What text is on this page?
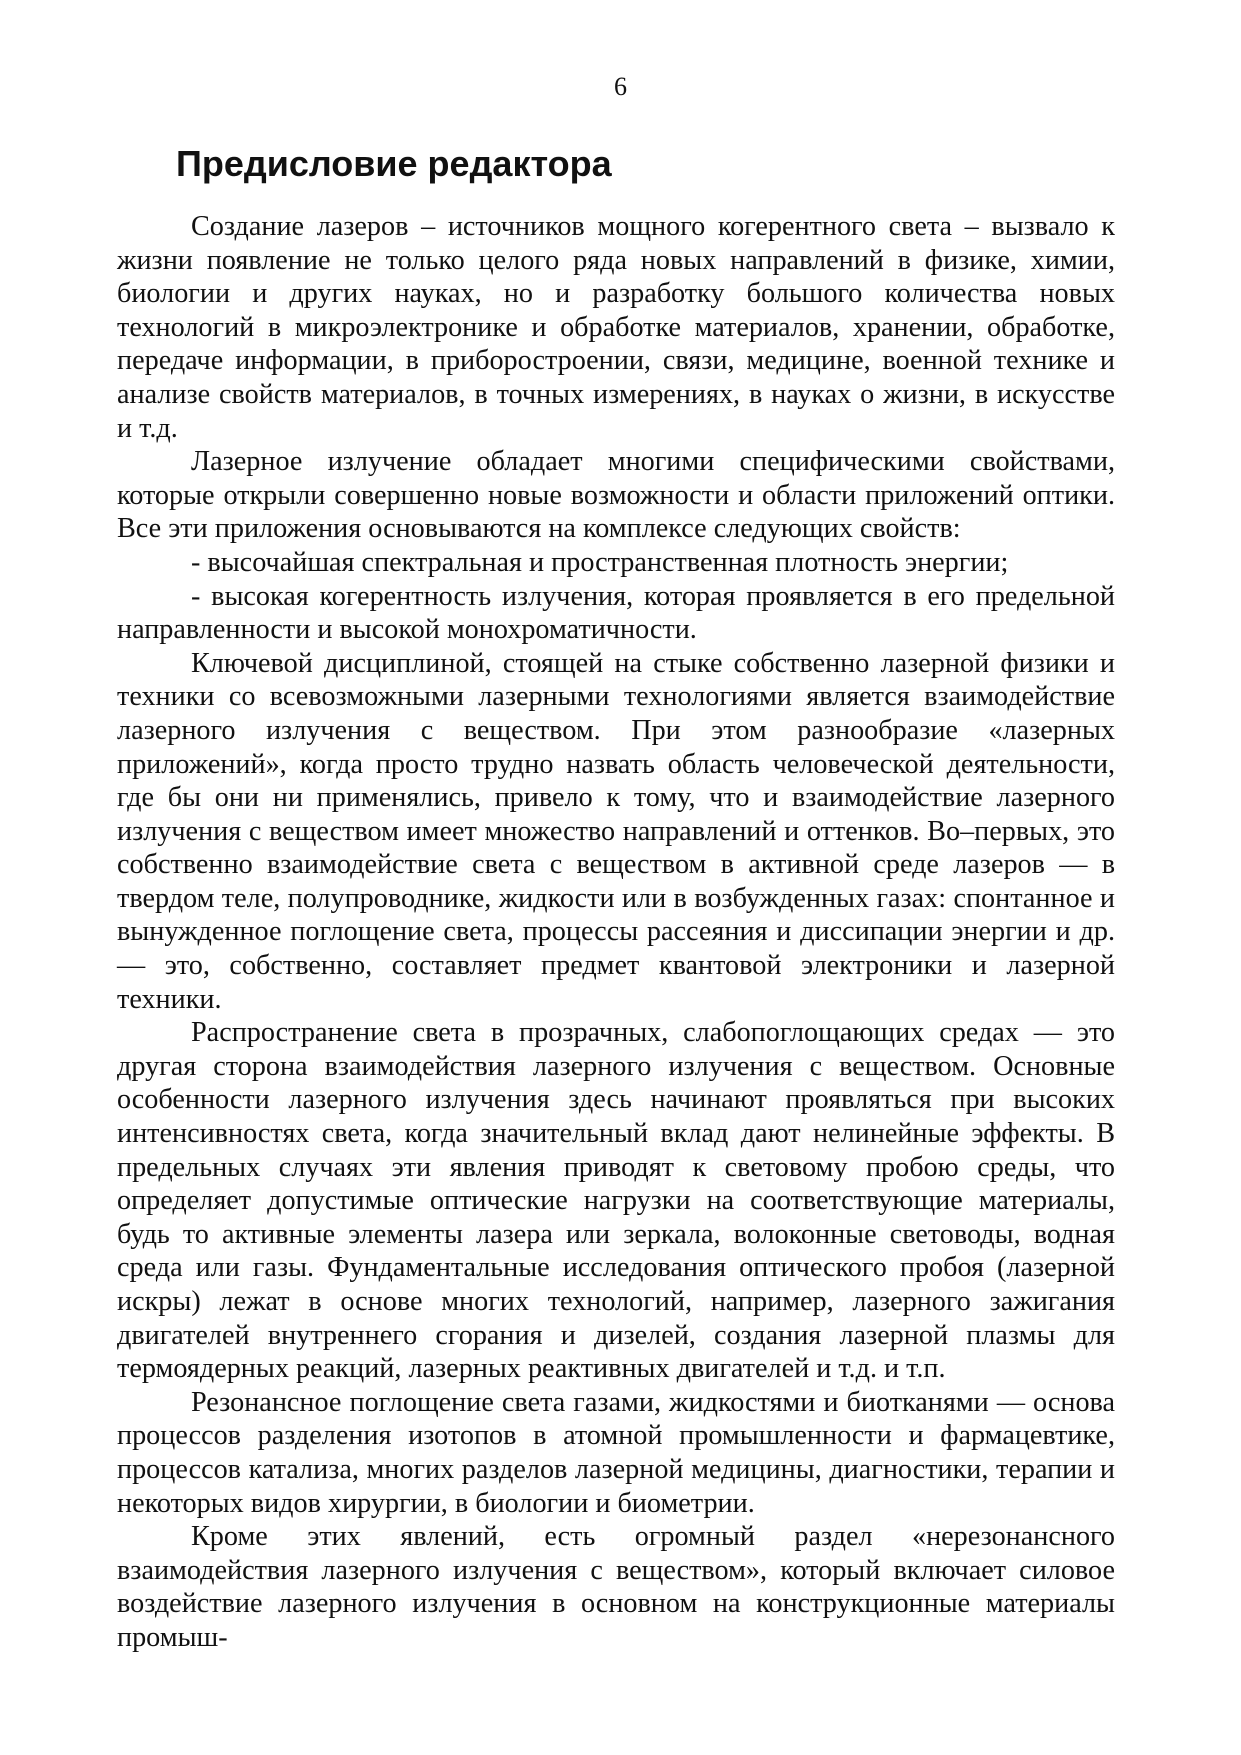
6
Предисловие редактора

Создание лазеров – источников мощного когерентного света – вызвало к жизни появление не только целого ряда новых направлений в физике, химии, биологии и других науках, но и разработку большого количества новых технологий в микроэлектронике и обработке материалов, хранении, обработке, передаче информации, в приборостроении, связи, медицине, военной технике и анализе свойств материалов, в точных измерениях, в науках о жизни, в искусстве и т.д.

Лазерное излучение обладает многими специфическими свойствами, которые открыли совершенно новые возможности и области приложений оптики. Все эти приложения основываются на комплексе следующих свойств:

- высочайшая спектральная и пространственная плотность энергии;

- высокая когерентность излучения, которая проявляется в его предельной направленности и высокой монохроматичности.

Ключевой дисциплиной, стоящей на стыке собственно лазерной физики и техники со всевозможными лазерными технологиями является взаимодействие лазерного излучения с веществом. При этом разнообразие «лазерных приложений», когда просто трудно назвать область человеческой деятельности, где бы они ни применялись, привело к тому, что и взаимодействие лазерного излучения с веществом имеет множество направлений и оттенков. Во–первых, это собственно взаимодействие света с веществом в активной среде лазеров — в твердом теле, полупроводнике, жидкости или в возбужденных газах: спонтанное и вынужденное поглощение света, процессы рассеяния и диссипации энергии и др. — это, собственно, составляет предмет квантовой электроники и лазерной техники.

Распространение света в прозрачных, слабопоглощающих средах — это другая сторона взаимодействия лазерного излучения с веществом. Основные особенности лазерного излучения здесь начинают проявляться при высоких интенсивностях света, когда значительный вклад дают нелинейные эффекты. В предельных случаях эти явления приводят к световому пробою среды, что определяет допустимые оптические нагрузки на соответствующие материалы, будь то активные элементы лазера или зеркала, волоконные световоды, водная среда или газы. Фундаментальные исследования оптического пробоя (лазерной искры) лежат в основе многих технологий, например, лазерного зажигания двигателей внутреннего сгорания и дизелей, создания лазерной плазмы для термоядерных реакций, лазерных реактивных двигателей и т.д. и т.п.

Резонансное поглощение света газами, жидкостями и биотканями — основа процессов разделения изотопов в атомной промышленности и фармацевтике, процессов катализа, многих разделов лазерной медицины, диагностики, терапии и некоторых видов хирургии, в биологии и биометрии.

Кроме этих явлений, есть огромный раздел «нерезонансного взаимодействия лазерного излучения с веществом», который включает силовое воздействие лазерного излучения в основном на конструкционные материалы промыш-
